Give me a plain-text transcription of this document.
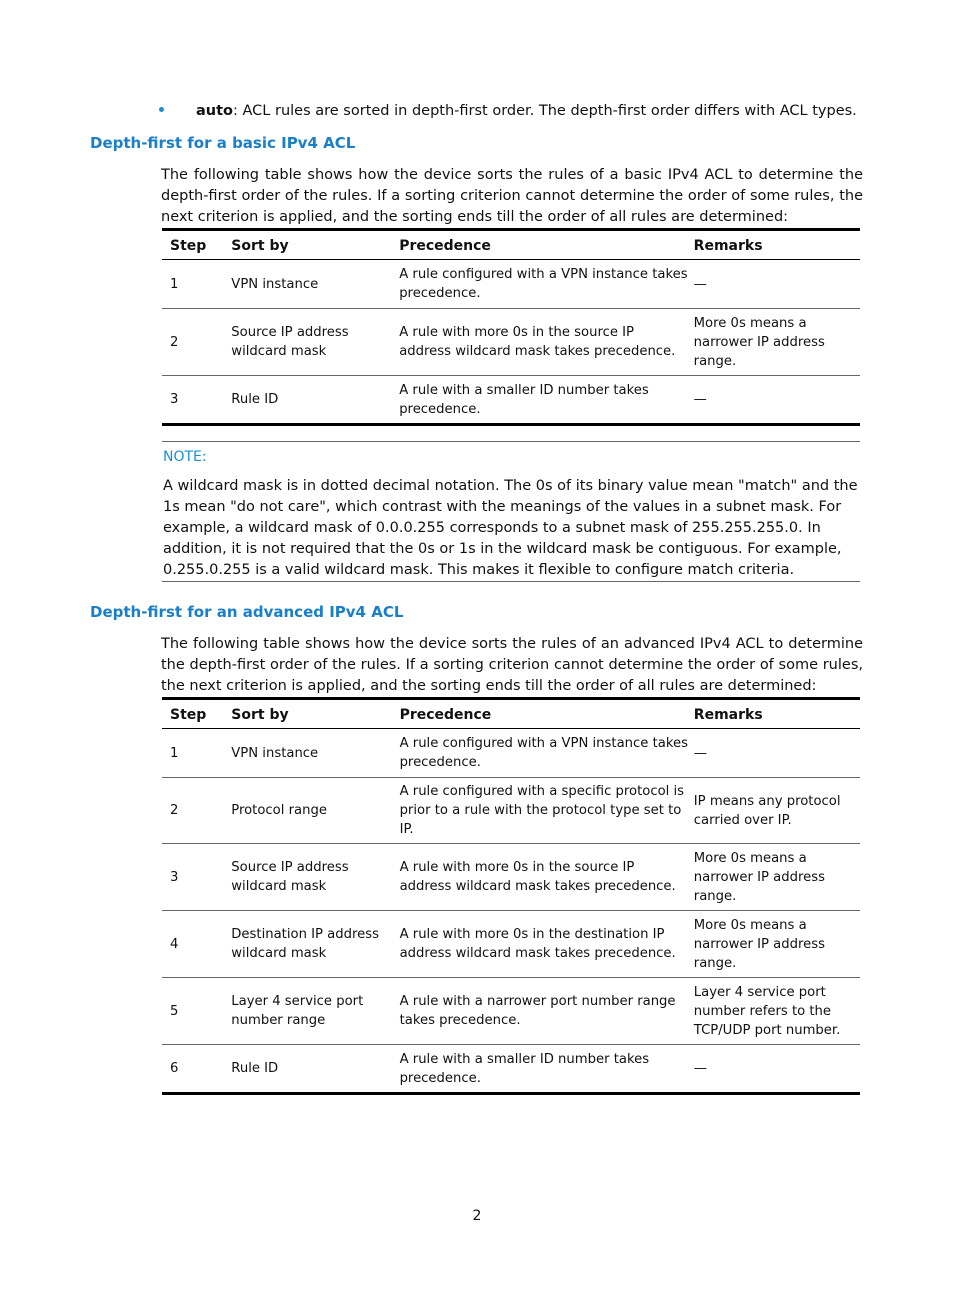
auto: ACL rules are sorted in depth-first order. The depth-first order differs with ACL types.
Depth-first for a basic IPv4 ACL
The following table shows how the device sorts the rules of a basic IPv4 ACL to determine the depth-first order of the rules. If a sorting criterion cannot determine the order of some rules, the next criterion is applied, and the sorting ends till the order of all rules are determined:
Step	Sort by	Precedence	Remarks
1	VPN instance	A rule configured with a VPN instance takes precedence.	—
2	Source IP address wildcard mask	A rule with more 0s in the source IP address wildcard mask takes precedence.	More 0s means a narrower IP address range.
3	Rule ID	A rule with a smaller ID number takes precedence.	—
NOTE:
A wildcard mask is in dotted decimal notation. The 0s of its binary value mean "match" and the 1s mean "do not care", which contrast with the meanings of the values in a subnet mask. For example, a wildcard mask of 0.0.0.255 corresponds to a subnet mask of 255.255.255.0. In addition, it is not required that the 0s or 1s in the wildcard mask be contiguous. For example, 0.255.0.255 is a valid wildcard mask. This makes it flexible to configure match criteria.
Depth-first for an advanced IPv4 ACL
The following table shows how the device sorts the rules of an advanced IPv4 ACL to determine the depth-first order of the rules. If a sorting criterion cannot determine the order of some rules, the next criterion is applied, and the sorting ends till the order of all rules are determined:
Step	Sort by	Precedence	Remarks
1	VPN instance	A rule configured with a VPN instance takes precedence.	—
2	Protocol range	A rule configured with a specific protocol is prior to a rule with the protocol type set to IP.	IP means any protocol carried over IP.
3	Source IP address wildcard mask	A rule with more 0s in the source IP address wildcard mask takes precedence.	More 0s means a narrower IP address range.
4	Destination IP address wildcard mask	A rule with more 0s in the destination IP address wildcard mask takes precedence.	More 0s means a narrower IP address range.
5	Layer 4 service port number range	A rule with a narrower port number range takes precedence.	Layer 4 service port number refers to the TCP/UDP port number.
6	Rule ID	A rule with a smaller ID number takes precedence.	—
2
